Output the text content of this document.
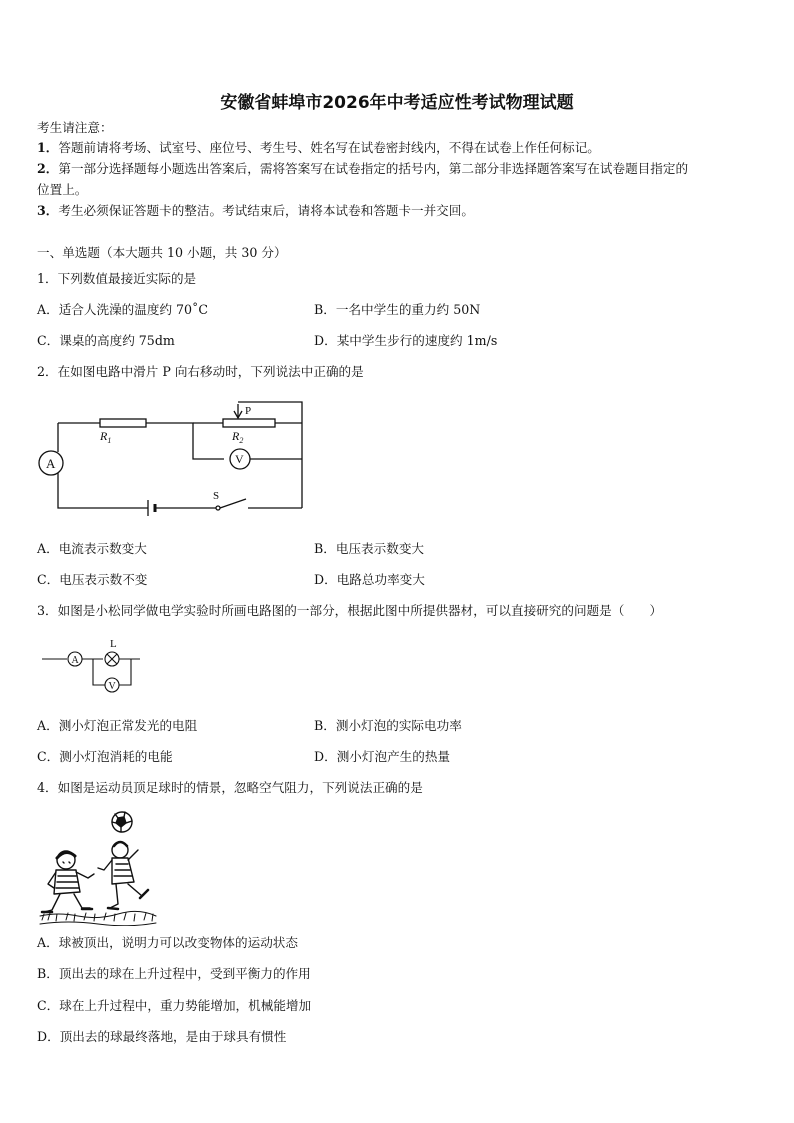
安徽省蚌埠市2026年中考适应性考试物理试题
考生请注意：
1．答题前请将考场、试室号、座位号、考生号、姓名写在试卷密封线内，不得在试卷上作任何标记。
2．第一部分选择题每小题选出答案后，需将答案写在试卷指定的括号内，第二部分非选择题答案写在试卷题目指定的
位置上。
3．考生必须保证答题卡的整洁。考试结束后，请将本试卷和答题卡一并交回。
一、单选题（本大题共 10 小题，共 30 分）
1．下列数值最接近实际的是
A．适合人洗澡的温度约 70˚C	B．一名中学生的重力约 50N
C．课桌的高度约 75dm	D．某中学生步行的速度约 1m/s
2．在如图电路中滑片 P 向右移动时，下列说法中正确的是
$R_1$	$R_2$
P
A	V
S
A．电流表示数变大	B．电压表示数变大
C．电压表示数不变	D．电路总功率变大
3．如图是小松同学做电学实验时所画电路图的一部分，根据此图中所提供器材，可以直接研究的问题是（　　）
A
L
V
A．测小灯泡正常发光的电阻	B．测小灯泡的实际电功率
C．测小灯泡消耗的电能	D．测小灯泡产生的热量
4．如图是运动员顶足球时的情景，忽略空气阻力，下列说法正确的是
A．球被顶出，说明力可以改变物体的运动状态
B．顶出去的球在上升过程中，受到平衡力的作用
C．球在上升过程中，重力势能增加，机械能增加
D．顶出去的球最终落地，是由于球具有惯性
